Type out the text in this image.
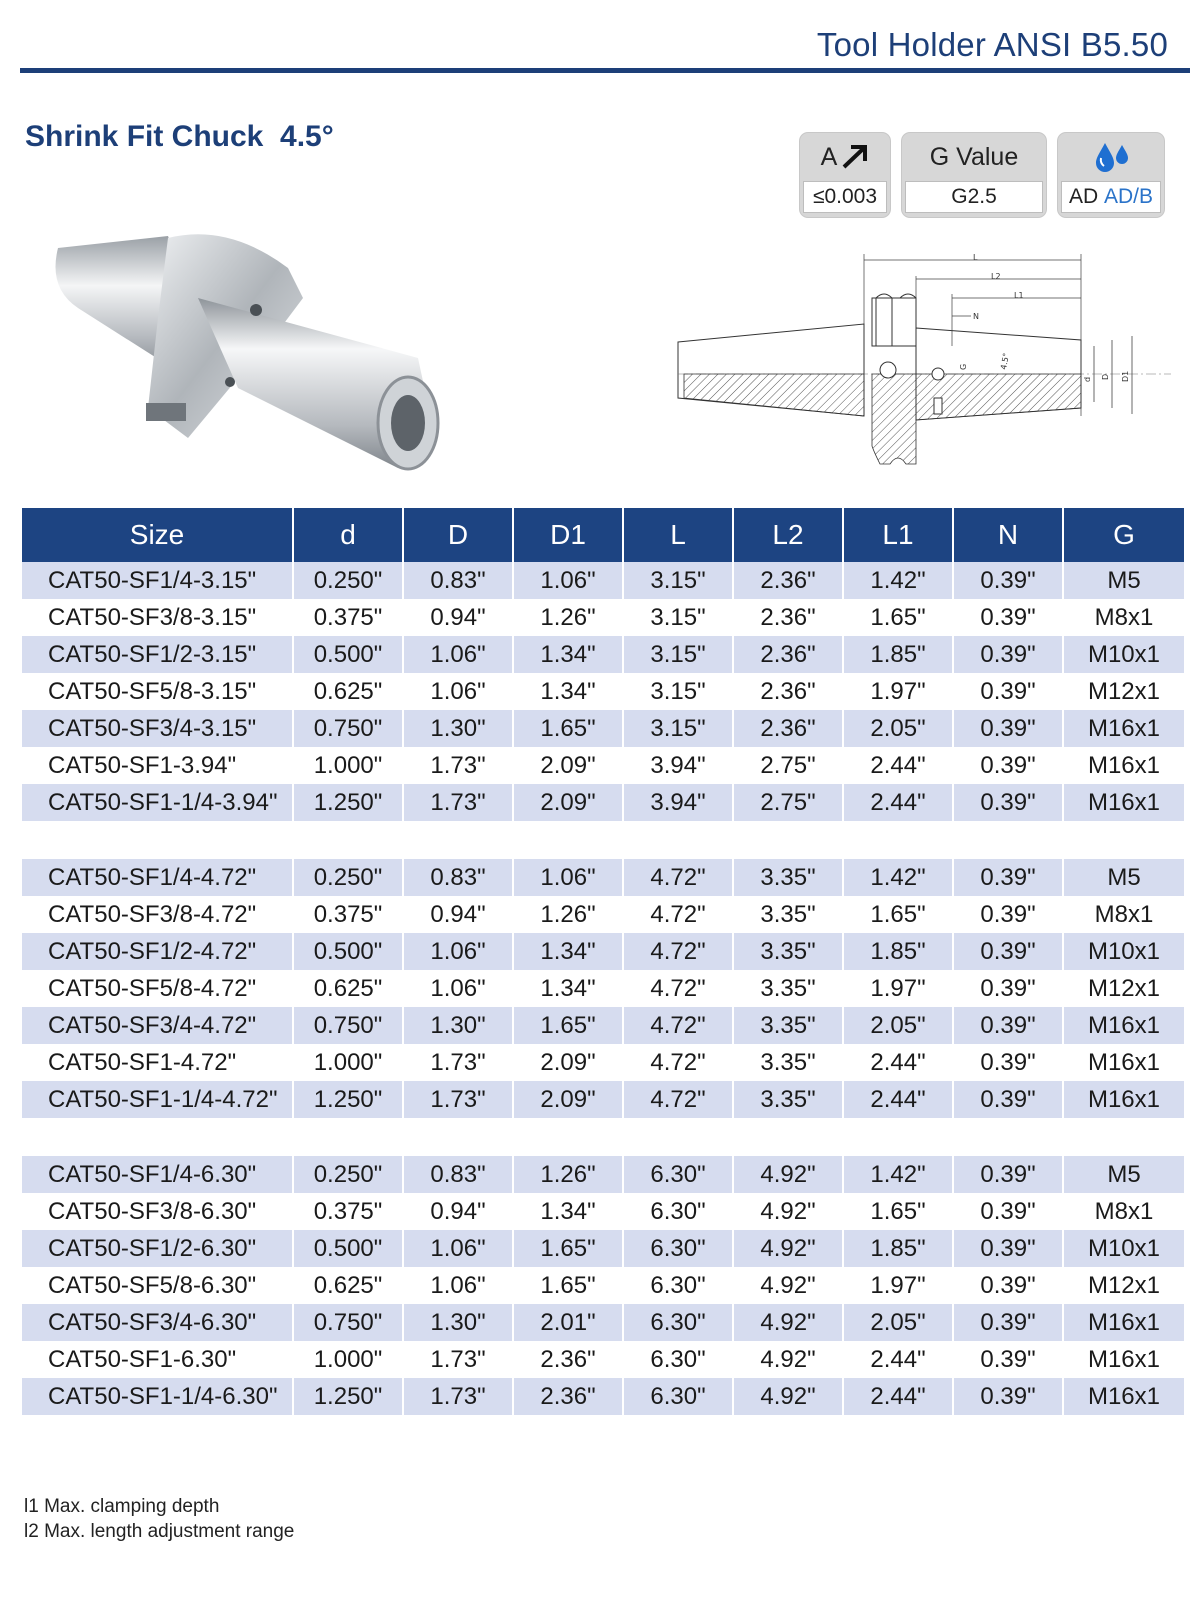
Tool Holder ANSI B5.50
Shrink Fit Chuck  4.5°
A
≤0.003
G Value
G2.5	AD
AD/B
L
L2
L1
N
d D D1
4.5°
G
Size	d	D	D1	L	L2	L1	N	G
CAT50-SF1/4-3.15"	0.250"	0.83"	1.06"	3.15"	2.36"	1.42"	0.39"	M5
CAT50-SF3/8-3.15"	0.375"	0.94"	1.26"	3.15"	2.36"	1.65"	0.39"	M8x1
CAT50-SF1/2-3.15"	0.500"	1.06"	1.34"	3.15"	2.36"	1.85"	0.39"	M10x1
CAT50-SF5/8-3.15"	0.625"	1.06"	1.34"	3.15"	2.36"	1.97"	0.39"	M12x1
CAT50-SF3/4-3.15"	0.750"	1.30"	1.65"	3.15"	2.36"	2.05"	0.39"	M16x1
CAT50-SF1-3.94"	1.000"	1.73"	2.09"	3.94"	2.75"	2.44"	0.39"	M16x1
CAT50-SF1-1/4-3.94"	1.250"	1.73"	2.09"	3.94"	2.75"	2.44"	0.39"	M16x1

CAT50-SF1/4-4.72"	0.250"	0.83"	1.06"	4.72"	3.35"	1.42"	0.39"	M5
CAT50-SF3/8-4.72"	0.375"	0.94"	1.26"	4.72"	3.35"	1.65"	0.39"	M8x1
CAT50-SF1/2-4.72"	0.500"	1.06"	1.34"	4.72"	3.35"	1.85"	0.39"	M10x1
CAT50-SF5/8-4.72"	0.625"	1.06"	1.34"	4.72"	3.35"	1.97"	0.39"	M12x1
CAT50-SF3/4-4.72"	0.750"	1.30"	1.65"	4.72"	3.35"	2.05"	0.39"	M16x1
CAT50-SF1-4.72"	1.000"	1.73"	2.09"	4.72"	3.35"	2.44"	0.39"	M16x1
CAT50-SF1-1/4-4.72"	1.250"	1.73"	2.09"	4.72"	3.35"	2.44"	0.39"	M16x1

CAT50-SF1/4-6.30"	0.250"	0.83"	1.26"	6.30"	4.92"	1.42"	0.39"	M5
CAT50-SF3/8-6.30"	0.375"	0.94"	1.34"	6.30"	4.92"	1.65"	0.39"	M8x1
CAT50-SF1/2-6.30"	0.500"	1.06"	1.65"	6.30"	4.92"	1.85"	0.39"	M10x1
CAT50-SF5/8-6.30"	0.625"	1.06"	1.65"	6.30"	4.92"	1.97"	0.39"	M12x1
CAT50-SF3/4-6.30"	0.750"	1.30"	2.01"	6.30"	4.92"	2.05"	0.39"	M16x1
CAT50-SF1-6.30"	1.000"	1.73"	2.36"	6.30"	4.92"	2.44"	0.39"	M16x1
CAT50-SF1-1/4-6.30"	1.250"	1.73"	2.36"	6.30"	4.92"	2.44"	0.39"	M16x1
l1 Max. clamping depth
l2 Max. length adjustment range
